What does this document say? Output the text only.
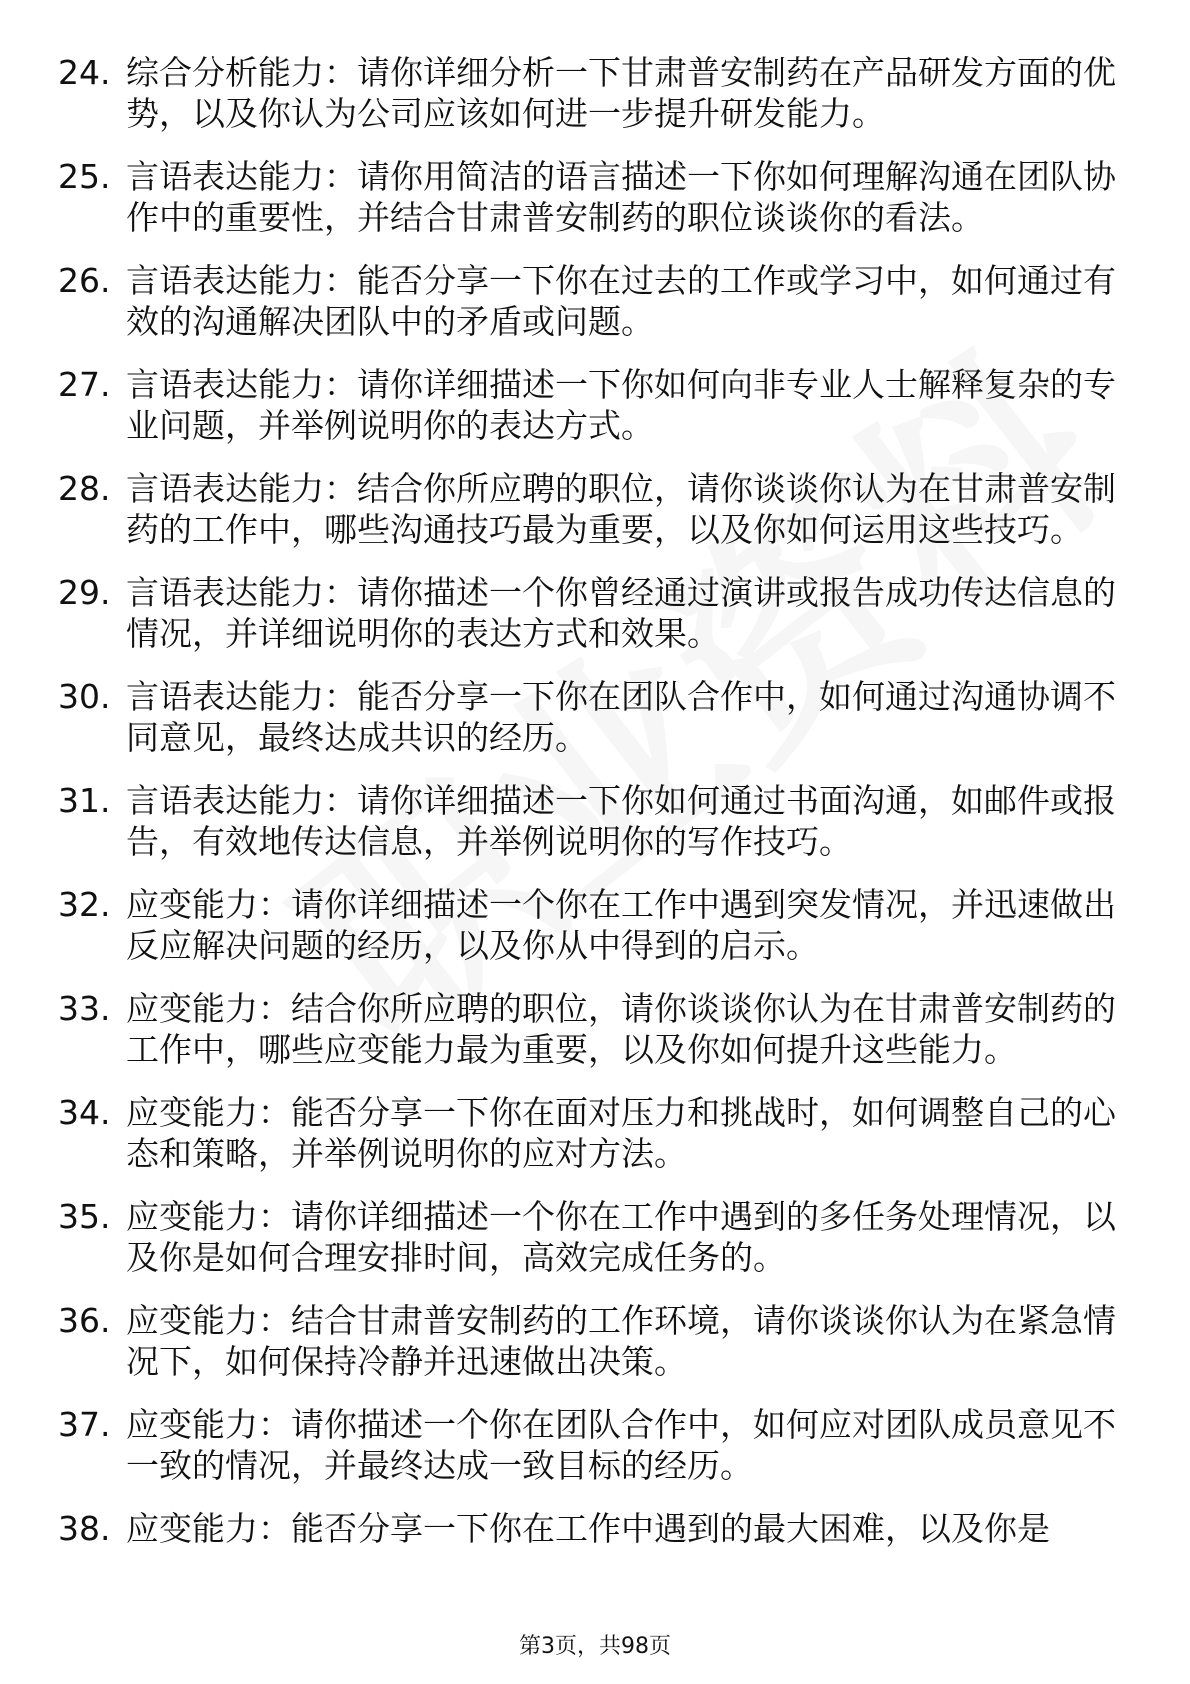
24. 综合分析能力：请你详细分析一下甘肃普安制药在产品研发方面的优势，以及你认为公司应该如何进一步提升研发能力。
25. 言语表达能力：请你用简洁的语言描述一下你如何理解沟通在团队协作中的重要性，并结合甘肃普安制药的职位谈谈你的看法。
26. 言语表达能力：能否分享一下你在过去的工作或学习中，如何通过有效的沟通解决团队中的矛盾或问题。
27. 言语表达能力：请你详细描述一下你如何向非专业人士解释复杂的专业问题，并举例说明你的表达方式。
28. 言语表达能力：结合你所应聘的职位，请你谈谈你认为在甘肃普安制药的工作中，哪些沟通技巧最为重要，以及你如何运用这些技巧。
29. 言语表达能力：请你描述一个你曾经通过演讲或报告成功传达信息的情况，并详细说明你的表达方式和效果。
30. 言语表达能力：能否分享一下你在团队合作中，如何通过沟通协调不同意见，最终达成共识的经历。
31. 言语表达能力：请你详细描述一下你如何通过书面沟通，如邮件或报告，有效地传达信息，并举例说明你的写作技巧。
32. 应变能力：请你详细描述一个你在工作中遇到突发情况，并迅速做出反应解决问题的经历，以及你从中得到的启示。
33. 应变能力：结合你所应聘的职位，请你谈谈你认为在甘肃普安制药的工作中，哪些应变能力最为重要，以及你如何提升这些能力。
34. 应变能力：能否分享一下你在面对压力和挑战时，如何调整自己的心态和策略，并举例说明你的应对方法。
35. 应变能力：请你详细描述一个你在工作中遇到的多任务处理情况，以及你是如何合理安排时间，高效完成任务的。
36. 应变能力：结合甘肃普安制药的工作环境，请你谈谈你认为在紧急情况下，如何保持冷静并迅速做出决策。
37. 应变能力：请你描述一个你在团队合作中，如何应对团队成员意见不一致的情况，并最终达成一致目标的经历。
38. 应变能力：能否分享一下你在工作中遇到的最大困难，以及你是
第3页，共98页
